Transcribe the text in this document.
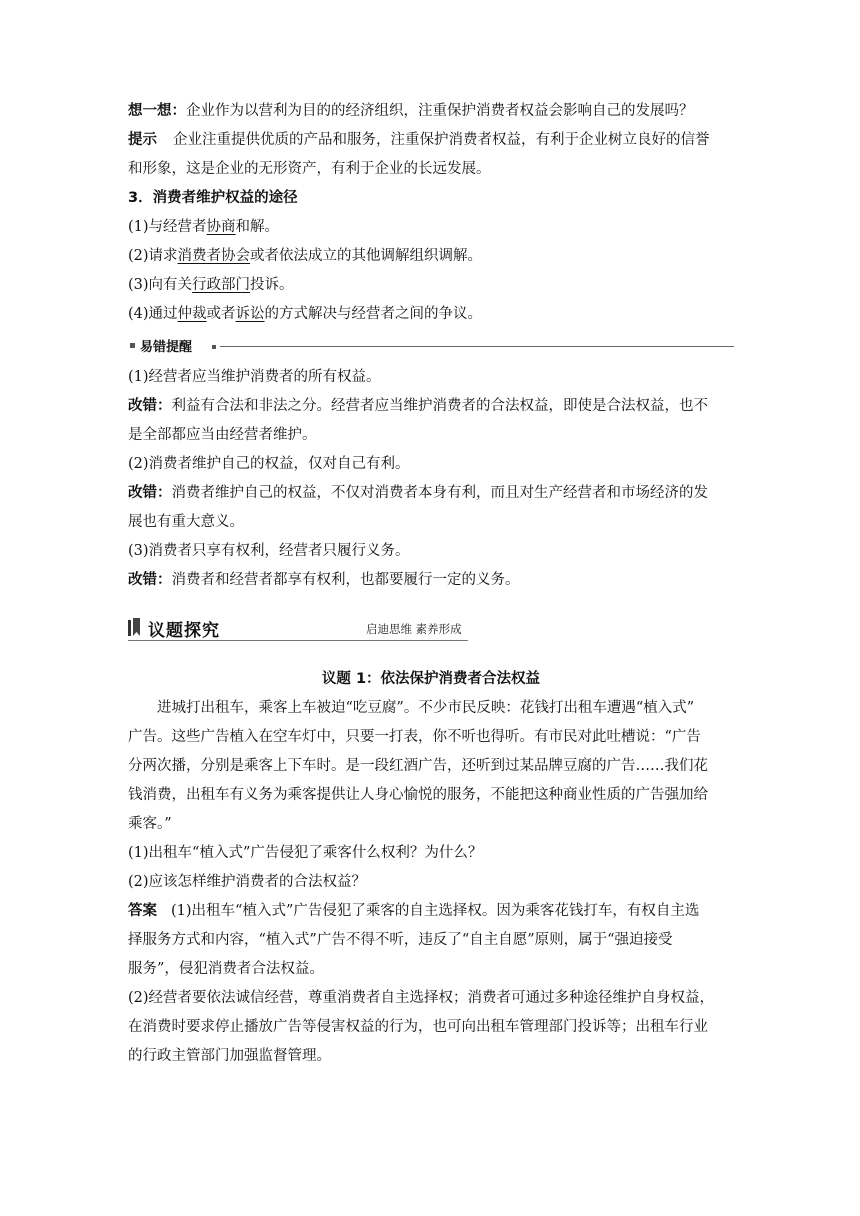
想一想：企业作为以营利为目的的经济组织，注重保护消费者权益会影响自己的发展吗？
提示 企业注重提供优质的产品和服务，注重保护消费者权益，有利于企业树立良好的信誉
和形象，这是企业的无形资产，有利于企业的长远发展。
3．消费者维护权益的途径
(1)与经营者协商和解。
(2)请求消费者协会或者依法成立的其他调解组织调解。
(3)向有关行政部门投诉。
(4)通过仲裁或者诉讼的方式解决与经营者之间的争议。
易错提醒
(1)经营者应当维护消费者的所有权益。
改错：利益有合法和非法之分。经营者应当维护消费者的合法权益，即使是合法权益，也不
是全部都应当由经营者维护。
(2)消费者维护自己的权益，仅对自己有利。
改错：消费者维护自己的权益，不仅对消费者本身有利，而且对生产经营者和市场经济的发
展也有重大意义。
(3)消费者只享有权利，经营者只履行义务。
改错：消费者和经营者都享有权利，也都要履行一定的义务。
议题探究	启迪思维 素养形成
议题 1：依法保护消费者合法权益
进城打出租车，乘客上车被迫“吃豆腐”。不少市民反映：花钱打出租车遭遇“植入式”
广告。这些广告植入在空车灯中，只要一打表，你不听也得听。有市民对此吐槽说：“广告
分两次播，分别是乘客上下车时。是一段红酒广告，还听到过某品牌豆腐的广告……我们花
钱消费，出租车有义务为乘客提供让人身心愉悦的服务，不能把这种商业性质的广告强加给
乘客。”
(1)出租车“植入式”广告侵犯了乘客什么权利？为什么？
(2)应该怎样维护消费者的合法权益？
答案 (1)出租车“植入式”广告侵犯了乘客的自主选择权。因为乘客花钱打车，有权自主选
择服务方式和内容，“植入式”广告不得不听，违反了“自主自愿”原则，属于“强迫接受
服务”，侵犯消费者合法权益。
(2)经营者要依法诚信经营，尊重消费者自主选择权；消费者可通过多种途径维护自身权益，
在消费时要求停止播放广告等侵害权益的行为，也可向出租车管理部门投诉等；出租车行业
的行政主管部门加强监督管理。
